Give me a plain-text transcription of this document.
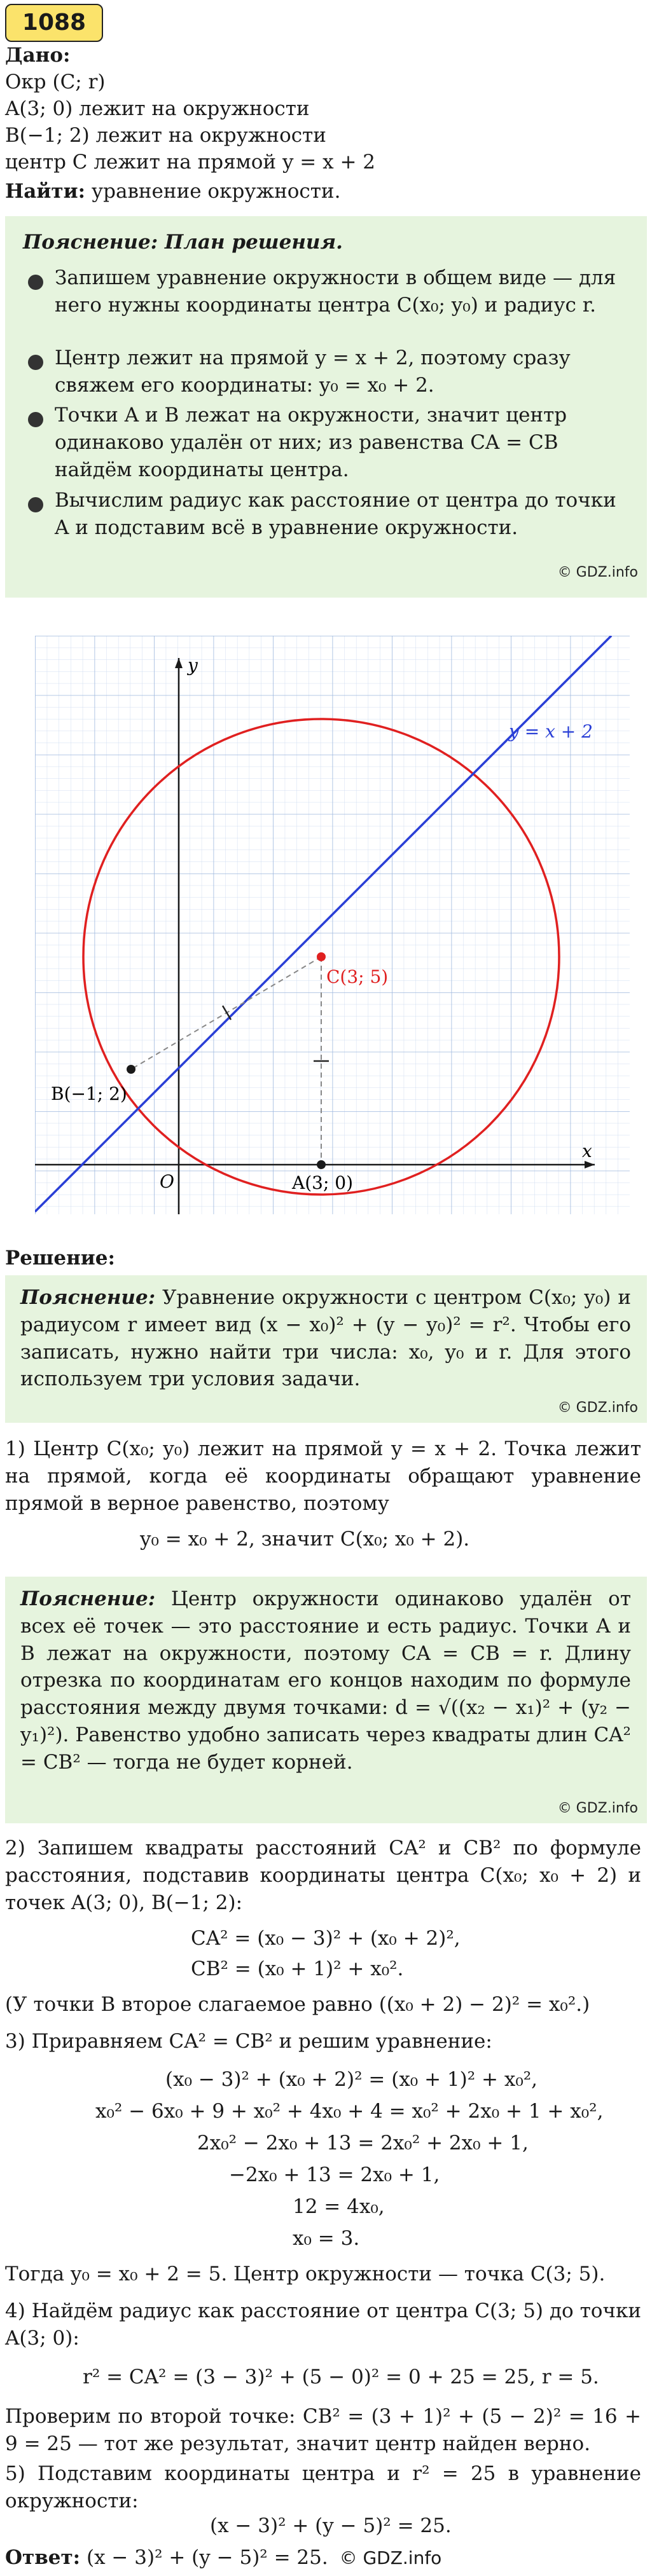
1088
Дано:
Окр (C; r)
A(3; 0) лежит на окружности
B(−1; 2) лежит на окружности
центр C лежит на прямой y = x + 2
Найти: уравнение окружности.
Пояснение: План решения.
Запишем уравнение окружности в общем виде — для него нужны координаты центра C(x₀; y₀) и радиус r.
Центр лежит на прямой y = x + 2, поэтому сразу свяжем его координаты: y₀ = x₀ + 2.
Точки A и B лежат на окружности, значит центр одинаково удалён от них; из равенства CA = CB найдём координаты центра.
Вычислим радиус как расстояние от центра до точки A и подставим всё в уравнение окружности.
© GDZ.info
x
y
O
y = x + 2
C(3; 5)
B(−1; 2)
A(3; 0)
Решение:
Пояснение: Уравнение окружности с центром C(x₀; y₀) и радиусом r имеет вид (x − x₀)² + (y − y₀)² = r². Чтобы его записать, нужно найти три числа: x₀, y₀ и r. Для этого используем три условия задачи.
© GDZ.info
1) Центр C(x₀; y₀) лежит на прямой y = x + 2. Точка лежит на прямой, когда её координаты обращают уравнение прямой в верное равенство, поэтому
y₀ = x₀ + 2, значит C(x₀; x₀ + 2).
Пояснение: Центр окружности одинаково удалён от всех её точек — это расстояние и есть радиус. Точки A и B лежат на окружности, поэтому CA = CB = r. Длину отрезка по координатам его концов находим по формуле расстояния между двумя точками: d = √((x₂ − x₁)² + (y₂ − y₁)²). Равенство удобно записать через квадраты длин CA² = CB² — тогда не будет корней.
© GDZ.info
2) Запишем квадраты расстояний CA² и CB² по формуле расстояния, подставив координаты центра C(x₀; x₀ + 2) и точек A(3; 0), B(−1; 2):
CA² = (x₀ − 3)² + (x₀ + 2)²,
CB² = (x₀ + 1)² + x₀².
(У точки B второе слагаемое равно ((x₀ + 2) − 2)² = x₀².)
3) Приравняем CA² = CB² и решим уравнение:
(x₀ − 3)² + (x₀ + 2)² = (x₀ + 1)² + x₀²,
x₀² − 6x₀ + 9 + x₀² + 4x₀ + 4 = x₀² + 2x₀ + 1 + x₀²,
2x₀² − 2x₀ + 13 = 2x₀² + 2x₀ + 1,
−2x₀ + 13 = 2x₀ + 1,
12 = 4x₀,
x₀ = 3.
Тогда y₀ = x₀ + 2 = 5. Центр окружности — точка C(3; 5).
4) Найдём радиус как расстояние от центра C(3; 5) до точки A(3; 0):
r² = CA² = (3 − 3)² + (5 − 0)² = 0 + 25 = 25, r = 5.
Проверим по второй точке: CB² = (3 + 1)² + (5 − 2)² = 16 + 9 = 25 — тот же результат, значит центр найден верно.
5) Подставим координаты центра и r² = 25 в уравнение окружности:
(x − 3)² + (y − 5)² = 25.
Ответ: (x − 3)² + (y − 5)² = 25. © GDZ.info
